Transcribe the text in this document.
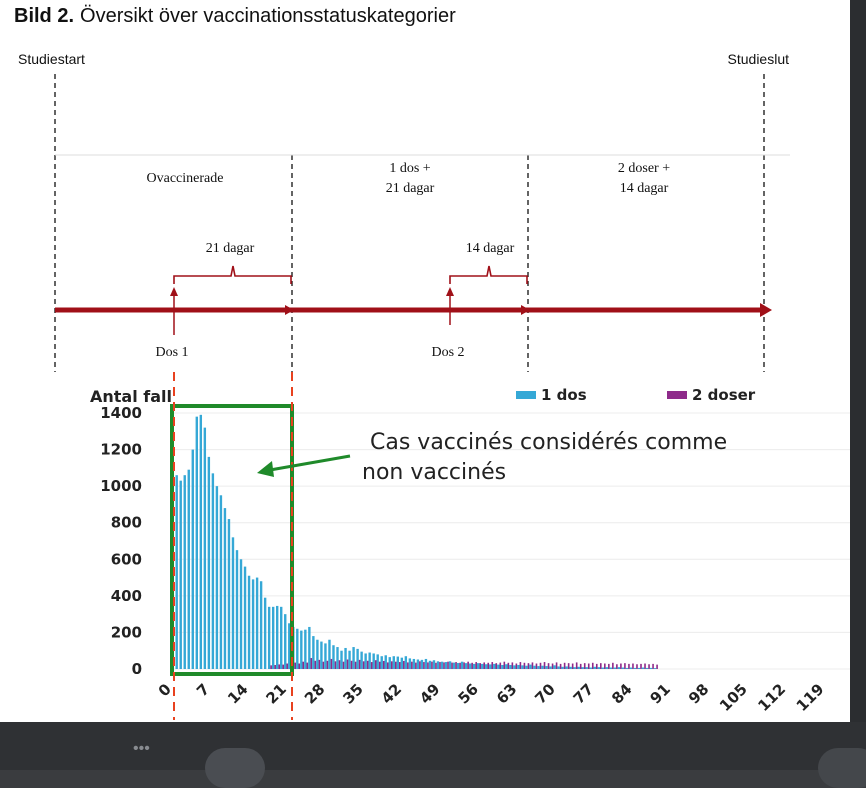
Bild 2. Översikt över vaccinationsstatuskategorier
Studiestart	Studieslut
Ovaccinerade
1 dos +
21 dagar
2 doser +
14 dagar
21 dagar	14 dagar
Dos 1	Dos 2
Antal fall	1 dos	2 doser
0
200
400
600
800
1000
1200
1400
0 7 14 21 28 35 42 49 56 63 70 77 84 91 98 105 112 119
Cas vaccinés considérés comme
non vaccinés
•••
